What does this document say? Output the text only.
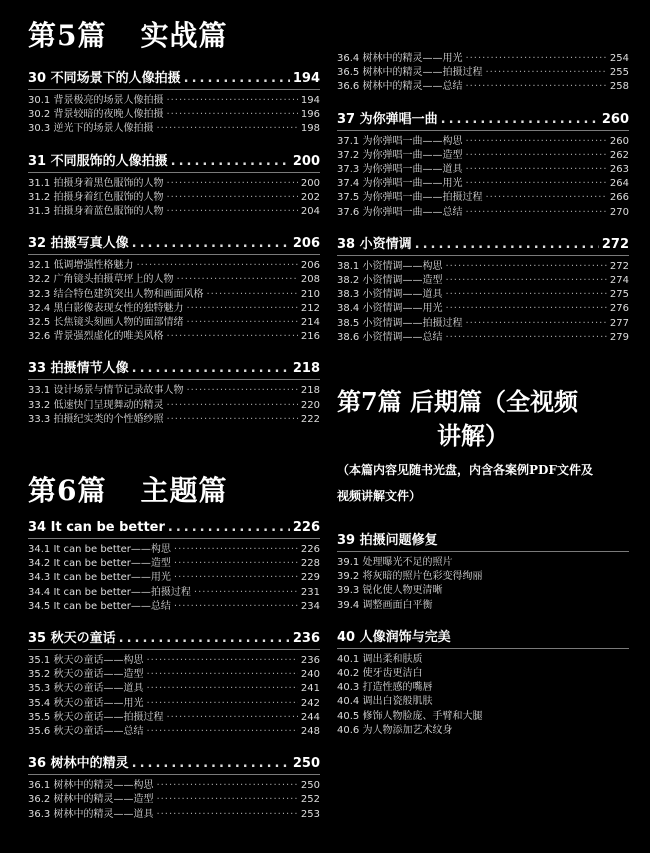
第5篇 实战篇
30 不同场景下的人像拍摄 .....	194
30.1 背景极亮的场景人像拍摄 ·····	194
30.2 背景较暗的夜晚人像拍摄 ·····	196
30.3 逆光下的场景人像拍摄 ·····	198
31 不同服饰的人像拍摄 .....	200
31.1 拍摄身着黑色服饰的人物 ·····	200
31.2 拍摄身着红色服饰的人物 ·····	202
31.3 拍摄身着蓝色服饰的人物 ·····	204
32 拍摄写真人像 .....	206
32.1 低调增强性格魅力 ·····	206
32.2 广角镜头拍摄草坪上的人物 ·····	208
32.3 结合特色建筑突出人物和画面风格 ·····	210
32.4 黑白影像表现女性的独特魅力 ·····	212
32.5 长焦镜头刻画人物的面部情绪 ·····	214
32.6 背景强烈虚化的唯美风格 ·····	216
33 拍摄情节人像 .....	218
33.1 设计场景与情节记录故事人物 ·····	218
33.2 低速快门呈现舞动的精灵 ·····	220
33.3 拍摄纪实类的个性婚纱照 ·····	222
第6篇 主题篇
34 It can be better .....	226
34.1 It can be better——构思 ·····	226
34.2 It can be better——造型 ·····	228
34.3 It can be better——用光 ·····	229
34.4 It can be better——拍摄过程 ·····	231
34.5 It can be better——总结 ·····	234
35 秋天の童话 .....	236
35.1 秋天の童话——构思 ·····	236
35.2 秋天の童话——造型 ·····	240
35.3 秋天の童话——道具 ·····	241
35.4 秋天の童话——用光 ·····	242
35.5 秋天の童话——拍摄过程 ·····	244
35.6 秋天の童话——总结 ·····	248
36 树林中的精灵 .....	250
36.1 树林中的精灵——构思 ·····	250
36.2 树林中的精灵——造型 ·····	252
36.3 树林中的精灵——道具 ·····	253
36.4 树林中的精灵——用光 ·····	254
36.5 树林中的精灵——拍摄过程 ·····	255
36.6 树林中的精灵——总结 ·····	258
37 为你弹唱一曲 .....	260
37.1 为你弹唱一曲——构思 ·····	260
37.2 为你弹唱一曲——造型 ·····	262
37.3 为你弹唱一曲——道具 ·····	263
37.4 为你弹唱一曲——用光 ·····	264
37.5 为你弹唱一曲——拍摄过程 ·····	266
37.6 为你弹唱一曲——总结 ·····	270
38 小资情调 .....	272
38.1 小资情调——构思 ·····	272
38.2 小资情调——造型 ·····	274
38.3 小资情调——道具 ·····	275
38.4 小资情调——用光 ·····	276
38.5 小资情调——拍摄过程 ·····	277
38.6 小资情调——总结 ·····	279
第7篇 后期篇（全视频
讲解）
（本篇内容见随书光盘，内含各案例PDF文件及
视频讲解文件）
39 拍摄问题修复
39.1 处理曝光不足的照片
39.2 将灰暗的照片色彩变得绚丽
39.3 锐化使人物更清晰
39.4 调整画面白平衡
40 人像润饰与完美
40.1 调出柔和肤质
40.2 使牙齿更洁白
40.3 打造性感的嘴唇
40.4 调出白瓷般肌肤
40.5 修饰人物脸庞、手臂和大腿
40.6 为人物添加艺术纹身
